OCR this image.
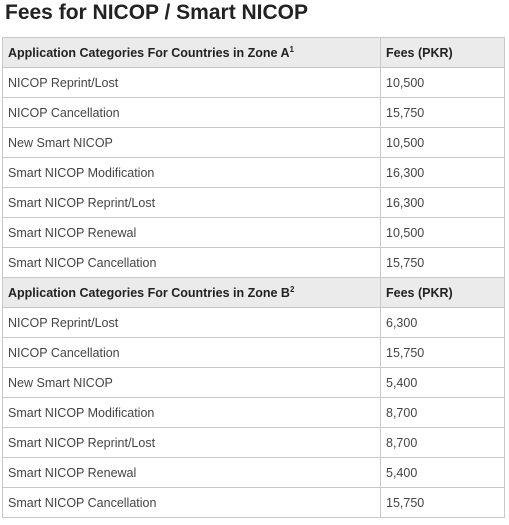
Fees for NICOP / Smart NICOP
Application Categories For Countries in Zone $A^1$	Fees (PKR)
NICOP Reprint/Lost	10,500
NICOP Cancellation	15,750
New Smart NICOP	10,500
Smart NICOP Modification	16,300
Smart NICOP Reprint/Lost	16,300
Smart NICOP Renewal	10,500
Smart NICOP Cancellation	15,750
Application Categories For Countries in Zone $B^2$	Fees (PKR)
NICOP Reprint/Lost	6,300
NICOP Cancellation	15,750
New Smart NICOP	5,400
Smart NICOP Modification	8,700
Smart NICOP Reprint/Lost	8,700
Smart NICOP Renewal	5,400
Smart NICOP Cancellation	15,750
